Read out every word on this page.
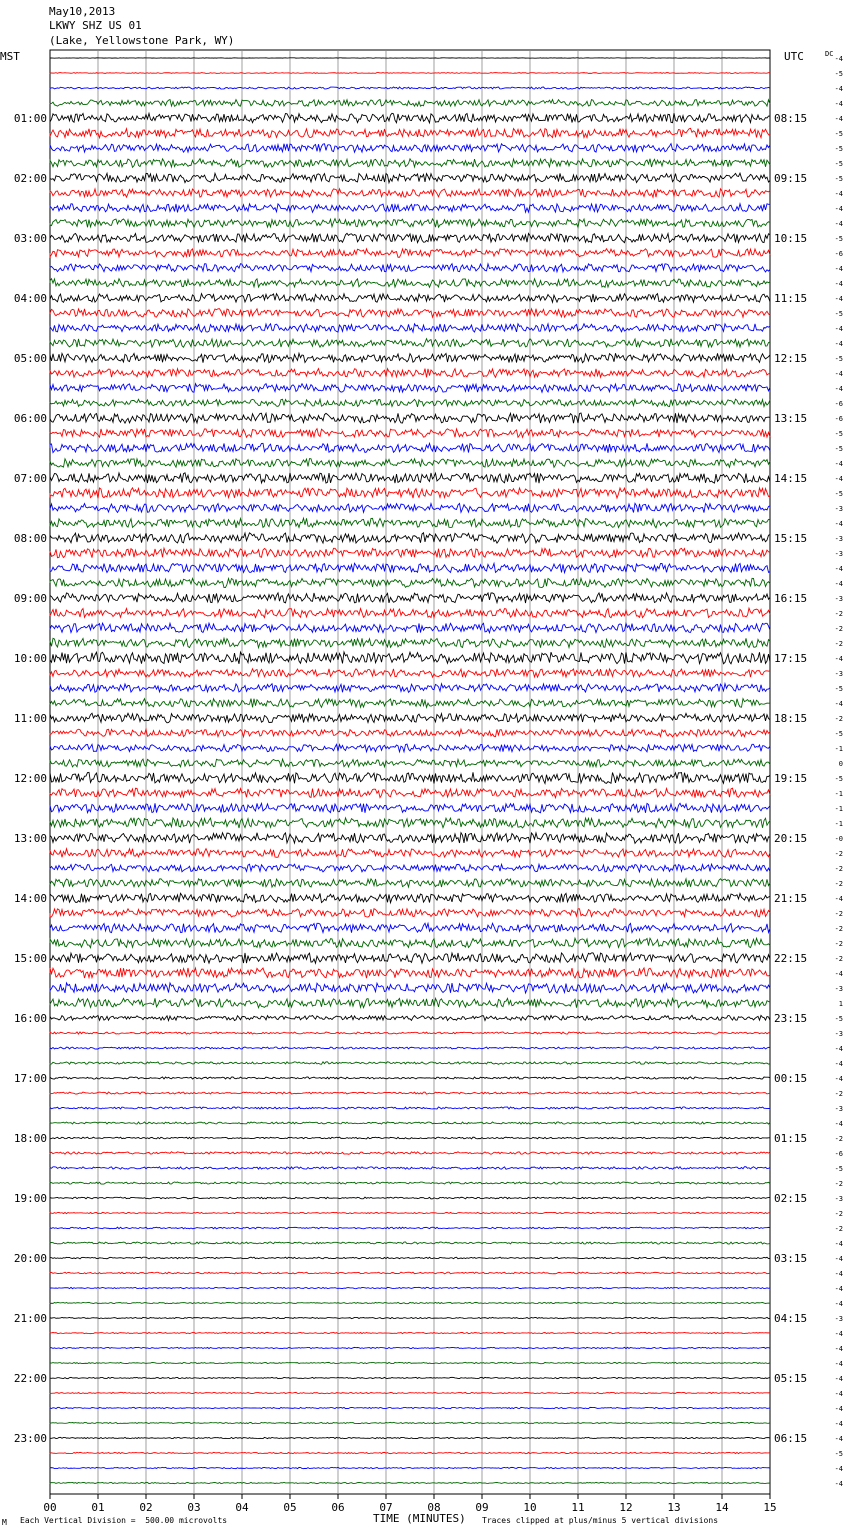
May10,2013
LKWY SHZ US 01
(Lake, Yellowstone Park, WY)
MST	UTC	DC
01:00
02:00
03:00
04:00
05:00
06:00
07:00
08:00
09:00
10:00
11:00
12:00
13:00
14:00
15:00
16:00
17:00
18:00
19:00
20:00
21:00
22:00
23:00
08:15
09:15
10:15
11:15
12:15
13:15
14:15
15:15
16:15
17:15
18:15
19:15
20:15
21:15
22:15
23:15
00:15
01:15
02:15
03:15
04:15
05:15
06:15
-4
-5
-4
-4
-4
-5
-5
-5
-5
-4
-4
-4
-5
-6
-4
-4
-4
-5
-4
-4
-5
-4
-4
-6
-6
-5
-5
-4
-4
-5
-3
-4
-3
-3
-4
-4
-3
-2
-2
-2
-4
-3
-5
-4
-2
-5
-1
0
-5
-1
-1
-1
-0
-2
-2
-2
-4
-2
-2
-2
-2
-4
-3
1
-5
-3
-4
-4
-4
-2
-3
-4
-2
-6
-5
-2
-3
-2
-2
-4
-4
-4
-4
-4
-3
-4
-4
-4
-4
-4
-4
-4
-4
-5
-4
-4
00	01	02	03	04	05	06	07	08	09	10	11	12	13	14	15
M Each Vertical Division =  500.00 microvolts	TIME (MINUTES) Traces clipped at plus/minus 5 vertical divisions
